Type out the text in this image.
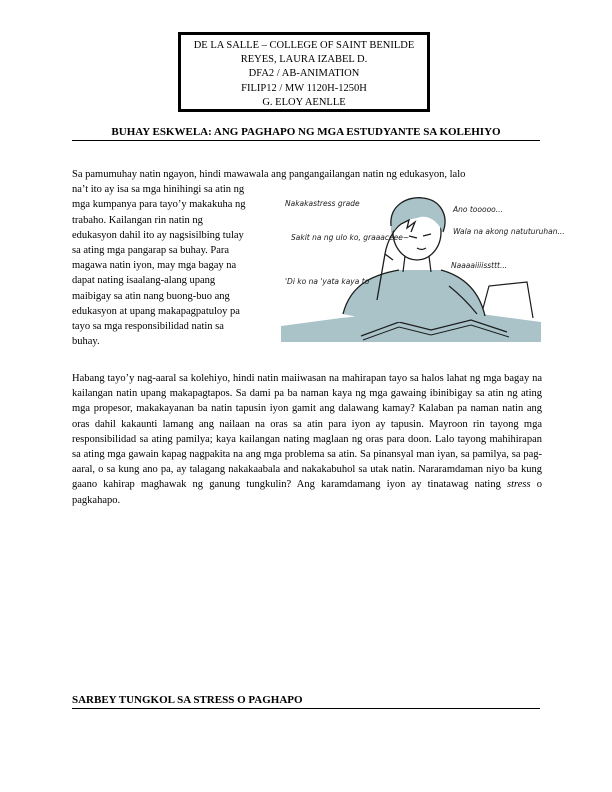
DE LA SALLE – COLLEGE OF SAINT BENILDE
REYES, LAURA IZABEL D.
DFA2 / AB-ANIMATION
FILIP12 / MW 1120H-1250H
G. ELOY AENLLE
BUHAY ESKWELA: ANG PAGHAPO NG MGA ESTUDYANTE SA KOLEHIYO
Sa pamumuhay natin ngayon, hindi mawawala ang pangangailangan natin ng edukasyon, lalo
na’t ito ay isa sa mga hinihingi sa atin ng
mga kumpanya para tayo’y makakuha ng
trabaho. Kailangan rin natin ng
edukasyon dahil ito ay nagsisilbing tulay
sa ating mga pangarap sa buhay. Para
magawa natin iyon, may mga bagay na
dapat nating isaalang-alang upang
maibigay sa atin nang buong-buo ang
edukasyon at upang makapagpatuloy pa
tayo sa mga responsibilidad natin sa
buhay.
Nakakastress grade
Sakit na ng ulo ko, graaaceee~
'Di ko na 'yata kaya to
Ano tooooo...
Wala na akong natuturuhan...
Naaaaiiiissttt...
Habang tayo’y nag-aaral sa kolehiyo, hindi natin maiiwasan na mahirapan tayo sa halos lahat ng mga bagay na kailangan natin upang makapagtapos. Sa dami pa ba naman kaya ng mga gawaing ibinibigay sa atin ng ating mga propesor, makakayanan ba natin tapusin iyon gamit ang dalawang kamay? Kalaban pa naman natin ang oras dahil kakaunti lamang ang nailaan na oras sa atin para iyon ay tapusin. Mayroon rin tayong mga responsibilidad sa ating pamilya; kaya kailangan nating maglaan ng oras para doon. Lalo tayong mahihirapan sa ating mga gawain kapag nagpakita na ang mga problema sa atin. Sa pinansyal man iyan, sa pamilya, sa pag-aaral, o sa kung ano pa, ay talagang nakakaabala and nakakabuhol sa utak natin. Nararamdaman niyo ba kung gaano kahirap maghawak ng ganung tungkulin? Ang karamdamang iyon ay tinatawag nating stress o pagkahapo.
SARBEY TUNGKOL SA STRESS O PAGHAPO
